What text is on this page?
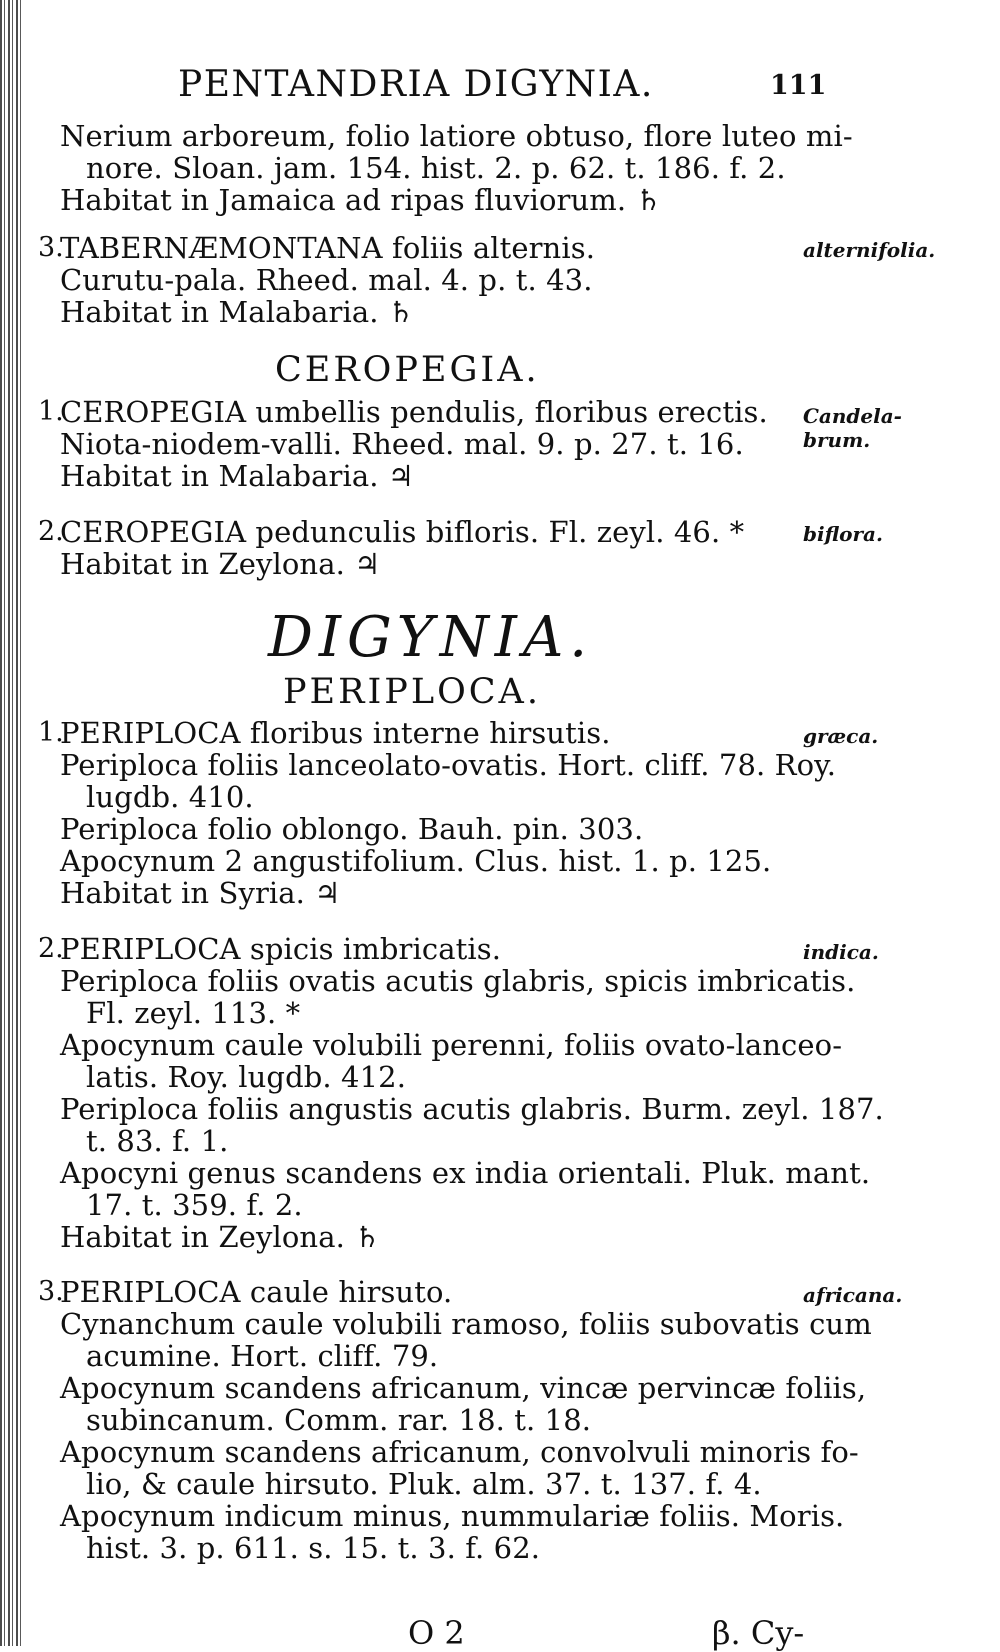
PENTANDRIA DIGYNIA.	111
Nerium arboreum, folio latiore obtuso, flore luteo mi-
nore. Sloan. jam. 154. hist. 2. p. 62. t. 186. f. 2.
Habitat in Jamaica ad ripas fluviorum. ♄
3.
TABERNÆMONTANA foliis alternis.	alternifolia.
Curutu-pala. Rheed. mal. 4. p. t. 43.
Habitat in Malabaria. ♄
CEROPEGIA.
1.
CEROPEGIA umbellis pendulis, floribus erectis. Candela- brum.
Niota-niodem-valli. Rheed. mal. 9. p. 27. t. 16.
Habitat in Malabaria. ♃
2.
CEROPEGIA pedunculis bifloris. Fl. zeyl. 46. *	biflora.
Habitat in Zeylona. ♃
DIGYNIA.
PERIPLOCA.
1.
PERIPLOCA floribus interne hirsutis.	græca.
Periploca foliis lanceolato-ovatis. Hort. cliff. 78. Roy.
lugdb. 410.
Periploca folio oblongo. Bauh. pin. 303.
Apocynum 2 angustifolium. Clus. hist. 1. p. 125.
Habitat in Syria. ♃
2.
PERIPLOCA spicis imbricatis.	indica.
Periploca foliis ovatis acutis glabris, spicis imbricatis.
Fl. zeyl. 113. *
Apocynum caule volubili perenni, foliis ovato-lanceo-
latis. Roy. lugdb. 412.
Periploca foliis angustis acutis glabris. Burm. zeyl. 187.
t. 83. f. 1.
Apocyni genus scandens ex india orientali. Pluk. mant.
17. t. 359. f. 2.
Habitat in Zeylona. ♄
3.
PERIPLOCA caule hirsuto.	africana.
Cynanchum caule volubili ramoso, foliis subovatis cum
acumine. Hort. cliff. 79.
Apocynum scandens africanum, vincæ pervincæ foliis,
subincanum. Comm. rar. 18. t. 18.
Apocynum scandens africanum, convolvuli minoris fo-
lio, & caule hirsuto. Pluk. alm. 37. t. 137. f. 4.
Apocynum indicum minus, nummulariæ foliis. Moris.
hist. 3. p. 611. s. 15. t. 3. f. 62.
O 2	β. Cy-
